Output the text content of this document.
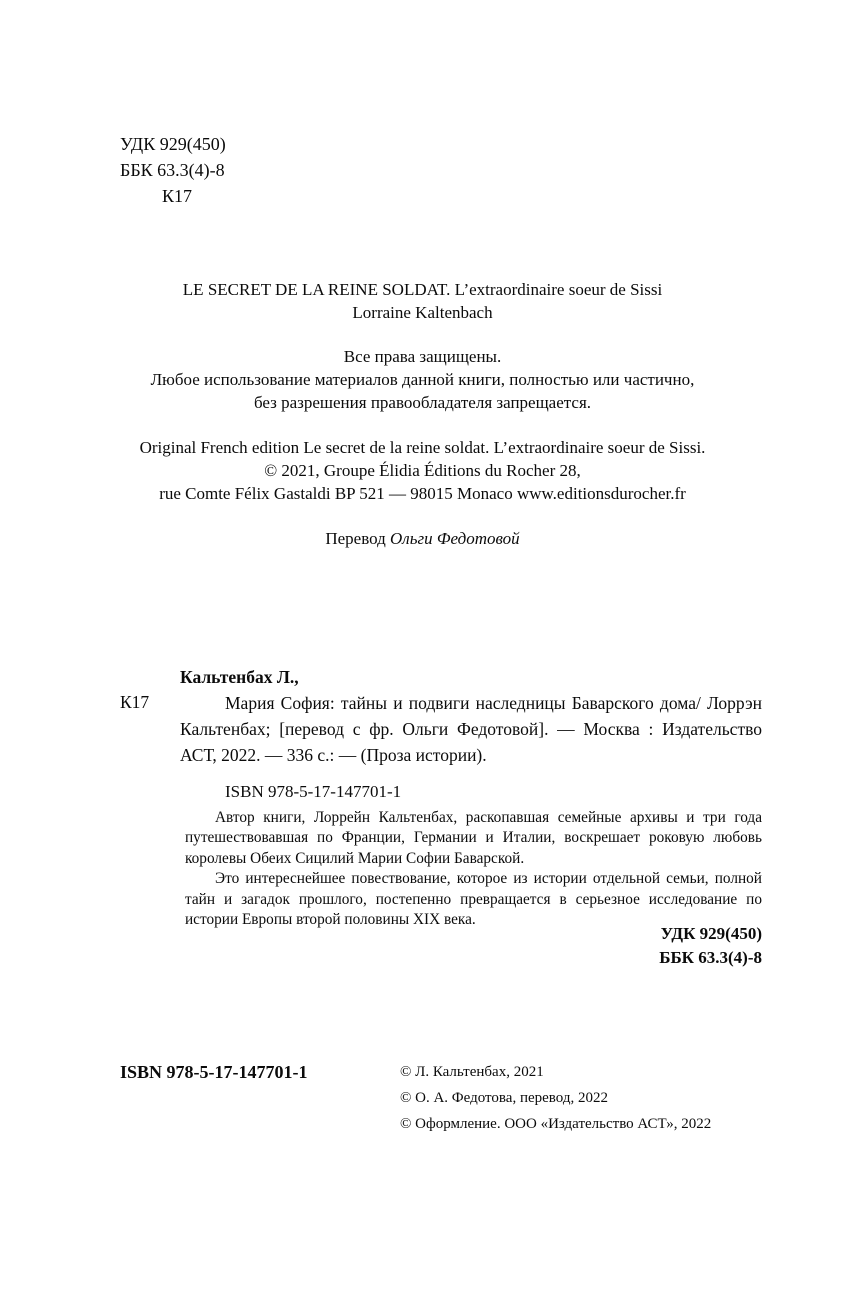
УДК 929(450)
ББК 63.3(4)-8
К17
LE SECRET DE LA REINE SOLDAT. L’extraordinaire soeur de Sissi
Lorraine Kaltenbach
Все права защищены.
Любое использование материалов данной книги, полностью или частично,
без разрешения правообладателя запрещается.
Original French edition Le secret de la reine soldat. L’extraordinaire soeur de Sissi.
© 2021, Groupe Élidia Éditions du Rocher 28,
rue Comte Félix Gastaldi BP 521 — 98015 Monaco www.editionsdurocher.fr
Перевод Ольги Федотовой
Кальтенбах Л.,
К17	Мария София: тайны и подвиги наследницы Баварского дома/ Лоррэн Кальтенбах; [перевод с фр. Ольги Федотовой]. — Москва : Издательство АСТ, 2022. — 336 с.: — (Проза истории).
ISBN 978-5-17-147701-1

Автор книги, Лоррейн Кальтенбах, раскопавшая семейные архивы и три года путешествовавшая по Франции, Германии и Италии, воскрешает роковую любовь королевы Обеих Сицилий Марии Софии Баварской.

Это интереснейшее повествование, которое из истории отдельной семьи, полной тайн и загадок прошлого, постепенно превращается в серьезное исследование по истории Европы второй половины XIX века.

УДК 929(450)
ББК 63.3(4)-8
ISBN 978-5-17-147701-1	© Л. Кальтенбах, 2021
© О. А. Федотова, перевод, 2022
© Оформление. ООО «Издательство АСТ», 2022
